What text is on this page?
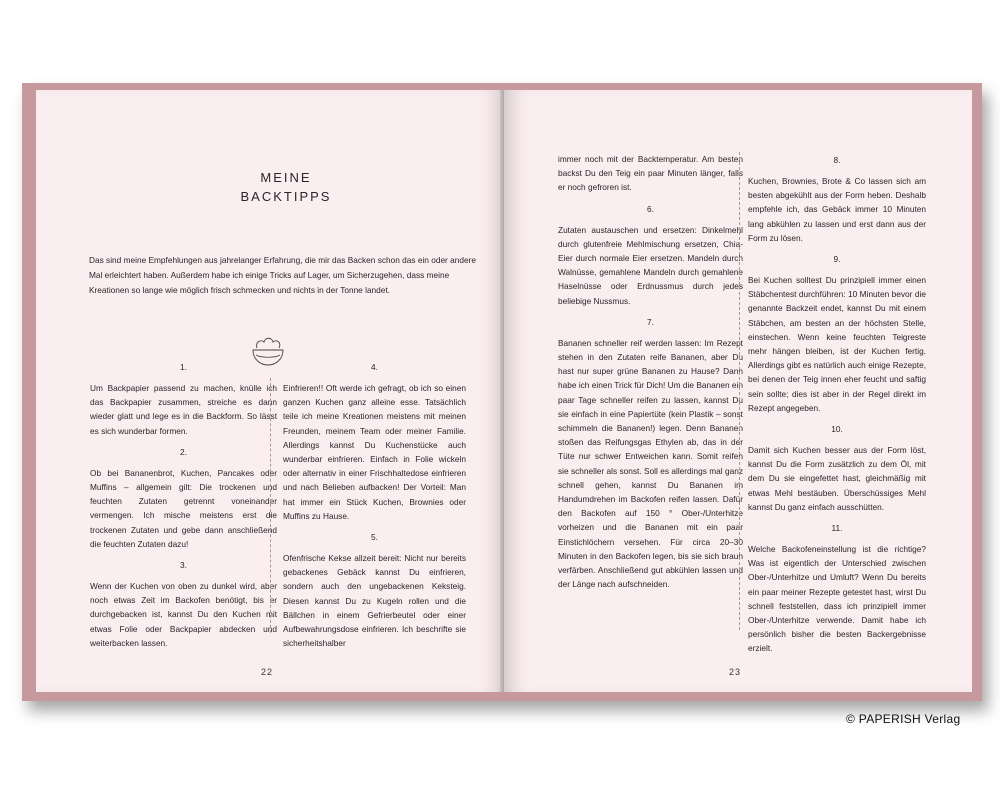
MEINE
BACKTIPPS
Das sind meine Empfehlungen aus jahrelanger Erfahrung, die mir das Backen schon das ein oder andere Mal erleichtert haben. Außerdem habe ich einige Tricks auf Lager, um Sicherzugehen, dass meine Kreationen so lange wie möglich frisch schmecken und nichts in der Tonne landet.
1.

Um Backpapier passend zu machen, knülle ich das Backpapier zusammen, streiche es dann wieder glatt und lege es in die Backform. So lässt es sich wunderbar formen.

2.

Ob bei Bananenbrot, Kuchen, Pancakes oder Muffins – allgemein gilt: Die trockenen und feuchten Zutaten getrennt voneinander vermengen. Ich mische meistens erst die trockenen Zutaten und gebe dann anschließend die feuchten Zutaten dazu!

3.

Wenn der Kuchen von oben zu dunkel wird, aber noch etwas Zeit im Backofen benötigt, bis er durchgebacken ist, kannst Du den Kuchen mit etwas Folie oder Backpapier abdecken und weiterbacken lassen.

4.

Einfrieren!! Oft werde ich gefragt, ob ich so einen ganzen Kuchen ganz alleine esse. Tatsächlich teile ich meine Kreationen meistens mit meinen Freunden, meinem Team oder meiner Familie. Allerdings kannst Du Kuchenstücke auch wunderbar einfrieren. Einfach in Folie wickeln oder alternativ in einer Frischhaltedose einfrieren und nach Belieben aufbacken! Der Vorteil: Man hat immer ein Stück Kuchen, Brownies oder Muffins zu Hause.

5.

Ofenfrische Kekse allzeit bereit: Nicht nur bereits gebackenes Gebäck kannst Du einfrieren, sondern auch den ungebackenen Keksteig. Diesen kannst Du zu Kugeln rollen und die Bällchen in einem Gefrierbeutel oder einer Aufbewahrungsdose einfrieren. Ich beschrifte sie sicherheitshalber

22

immer noch mit der Backtemperatur. Am besten backst Du den Teig ein paar Minuten länger, falls er noch gefroren ist.

6.

Zutaten austauschen und ersetzen: Dinkelmehl durch glutenfreie Mehlmischung ersetzen, Chia-Eier durch normale Eier ersetzen. Mandeln durch Walnüsse, gemahlene Mandeln durch gemahlene Haselnüsse oder Erdnussmus durch jedes beliebige Nussmus.

7.

Bananen schneller reif werden lassen: Im Rezept stehen in den Zutaten reife Bananen, aber Du hast nur super grüne Bananen zu Hause? Dann habe ich einen Trick für Dich! Um die Bananen ein paar Tage schneller reifen zu lassen, kannst Du sie einfach in eine Papiertüte (kein Plastik – sonst schimmeln die Bananen!) legen. Denn Bananen stoßen das Reifungsgas Ethylen ab, das in der Tüte nur schwer Entweichen kann. Somit reifen sie schneller als sonst. Soll es allerdings mal ganz schnell gehen, kannst Du Bananen im Handumdrehen im Backofen reifen lassen. Dafür den Backofen auf 150 ° Ober-/Unterhitze vorheizen und die Bananen mit ein paar Einstichlöchern versehen. Für circa 20–30 Minuten in den Backofen legen, bis sie sich braun verfärben. Anschließend gut abkühlen lassen und der Länge nach aufschneiden.

8.

Kuchen, Brownies, Brote & Co lassen sich am besten abgekühlt aus der Form heben. Deshalb empfehle ich, das Gebäck immer 10 Minuten lang abkühlen zu lassen und erst dann aus der Form zu lösen.

9.

Bei Kuchen solltest Du prinzipiell immer einen Stäbchentest durchführen: 10 Minuten bevor die genannte Backzeit endet, kannst Du mit einem Stäbchen, am besten an der höchsten Stelle, einstechen. Wenn keine feuchten Teigreste mehr hängen bleiben, ist der Kuchen fertig. Allerdings gibt es natürlich auch einige Rezepte, bei denen der Teig innen eher feucht und saftig sein sollte; dies ist aber in der Regel direkt im Rezept angegeben.

10.

Damit sich Kuchen besser aus der Form löst, kannst Du die Form zusätzlich zu dem Öl, mit dem Du sie eingefettet hast, gleichmäßig mit etwas Mehl bestäuben. Überschüssiges Mehl kannst Du ganz einfach ausschütten.

11.

Welche Backofeneinstellung ist die richtige? Was ist eigentlich der Unterschied zwischen Ober-/Unterhitze und Umluft? Wenn Du bereits ein paar meiner Rezepte getestet hast, wirst Du schnell feststellen, dass ich prinzipiell immer Ober-/Unterhitze verwende. Damit habe ich persönlich bisher die besten Backergebnisse erzielt.

23
© PAPERISH Verlag
